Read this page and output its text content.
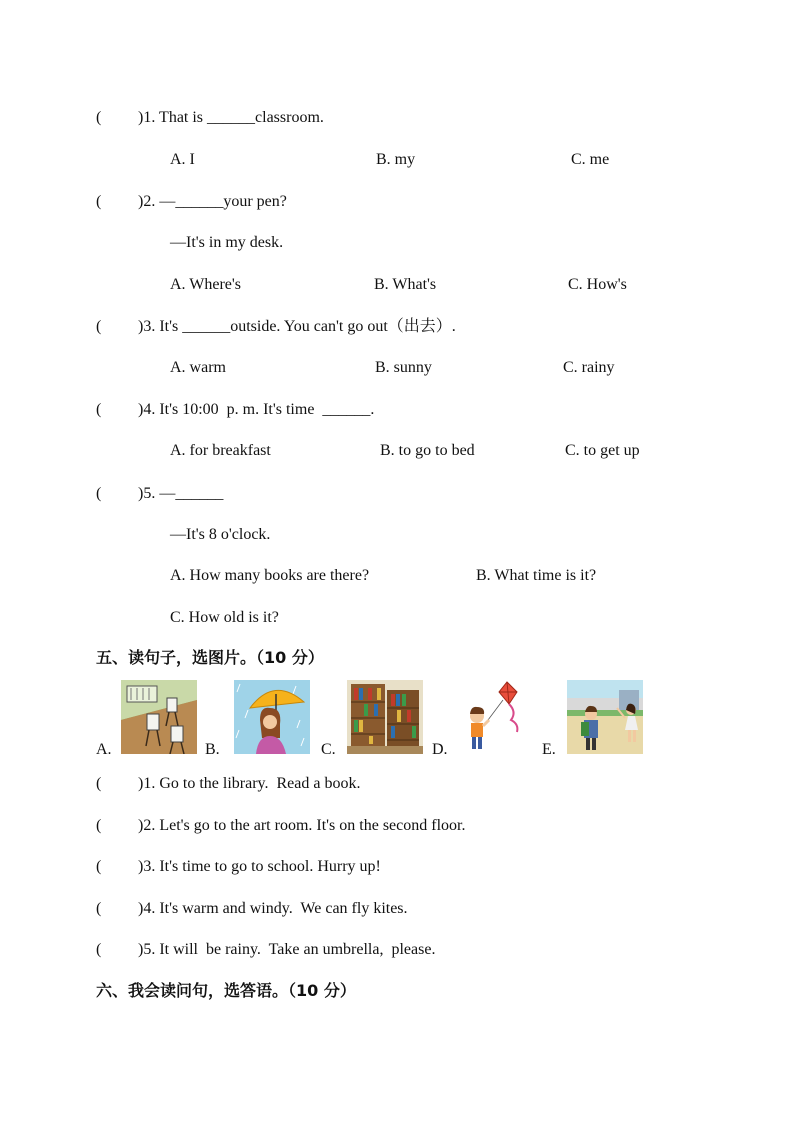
( )1. That is ______classroom.
A. I	B. my	C. me
( )2. —______your pen?
—It's in my desk.
A. Where's	B. What's	C. How's
( )3. It's ______outside. You can't go out（出去）.
A. warm	B. sunny	C. rainy
( )4. It's 10:00  p. m. It's time  ______.
A. for breakfast	B. to go to bed	C. to get up
( )5. —______
—It's 8 o'clock.
A. How many books are there?	B. What time is it?
C. How old is it?
五、读句子，选图片。（10 分）
A.	B.	C.	D.	E.
( )1. Go to the library.  Read a book.
( )2. Let's go to the art room. It's on the second floor.
( )3. It's time to go to school. Hurry up!
( )4. It's warm and windy.  We can fly kites.
( )5. It will  be rainy.  Take an umbrella,  please.
六、我会读问句，选答语。（10 分）
